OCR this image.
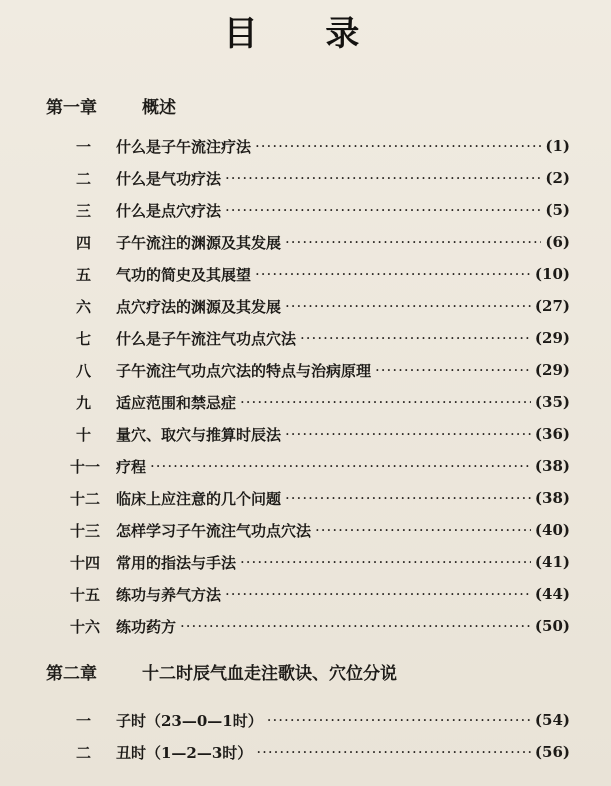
目 录
第一章	概述
一	什么是子午流注疗法 ·····	(1)
二	什么是气功疗法 ·····	(2)
三	什么是点穴疗法 ·····	(5)
四	子午流注的渊源及其发展 ·····	(6)
五	气功的简史及其展望 ·····	(10)
六	点穴疗法的渊源及其发展 ·····	(27)
七	什么是子午流注气功点穴法 ·····	(29)
八	子午流注气功点穴法的特点与治病原理 ·····	(29)
九	适应范围和禁忌症 ·····	(35)
十	量穴、取穴与推算时辰法 ·····	(36)
十一	疗程 ·····	(38)
十二	临床上应注意的几个问题 ·····	(38)
十三	怎样学习子午流注气功点穴法 ·····	(40)
十四	常用的指法与手法 ·····	(41)
十五	练功与养气方法 ·····	(44)
十六	练功药方 ·····	(50)
第二章	十二时辰气血走注歌诀、穴位分说
一	子时（23—0—1时） ·····	(54)
二	丑时（1—2—3时） ·····	(56)
